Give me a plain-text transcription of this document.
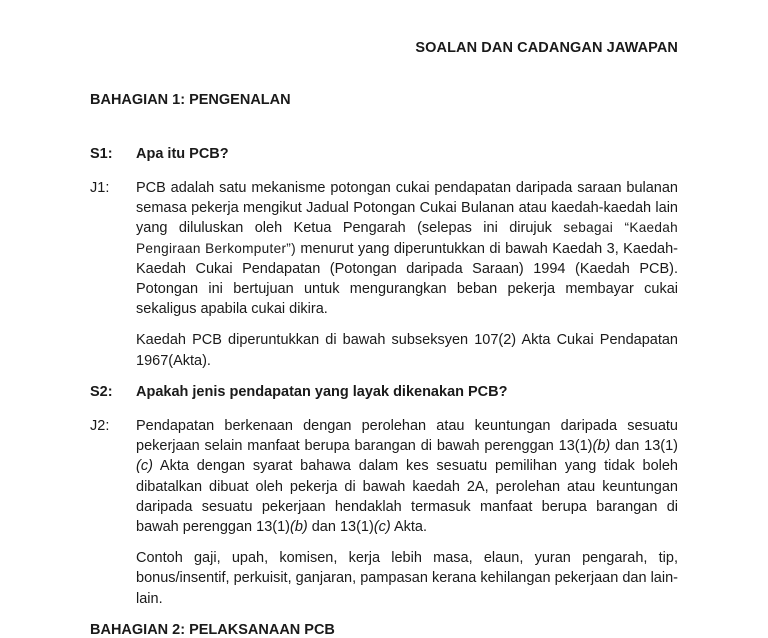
SOALAN DAN CADANGAN JAWAPAN
BAHAGIAN 1: PENGENALAN
S1: Apa itu PCB?
J1: PCB adalah satu mekanisme potongan cukai pendapatan daripada saraan bulanan semasa pekerja mengikut Jadual Potongan Cukai Bulanan atau kaedah-kaedah lain yang diluluskan oleh Ketua Pengarah (selepas ini dirujuk sebagai “Kaedah Pengiraan Berkomputer”) menurut yang diperuntukkan di bawah Kaedah 3, Kaedah-Kaedah Cukai Pendapatan (Potongan daripada Saraan) 1994 (Kaedah PCB). Potongan ini bertujuan untuk mengurangkan beban pekerja membayar cukai sekaligus apabila cukai dikira.

Kaedah PCB diperuntukkan di bawah subseksyen 107(2) Akta Cukai Pendapatan 1967(Akta).

S2: Apakah jenis pendapatan yang layak dikenakan PCB?
J2: Pendapatan berkenaan dengan perolehan atau keuntungan daripada sesuatu pekerjaan selain manfaat berupa barangan di bawah perenggan 13(1)(b) dan 13(1)(c) Akta dengan syarat bahawa dalam kes sesuatu pemilihan yang tidak boleh dibatalkan dibuat oleh pekerja di bawah kaedah 2A, perolehan atau keuntungan daripada sesuatu pekerjaan hendaklah termasuk manfaat berupa barangan di bawah perenggan 13(1)(b) dan 13(1)(c) Akta.

Contoh gaji, upah, komisen, kerja lebih masa, elaun, yuran pengarah, tip, bonus/insentif, perkuisit, ganjaran, pampasan kerana kehilangan pekerjaan dan lain-lain.

BAHAGIAN 2: PELAKSANAAN PCB
